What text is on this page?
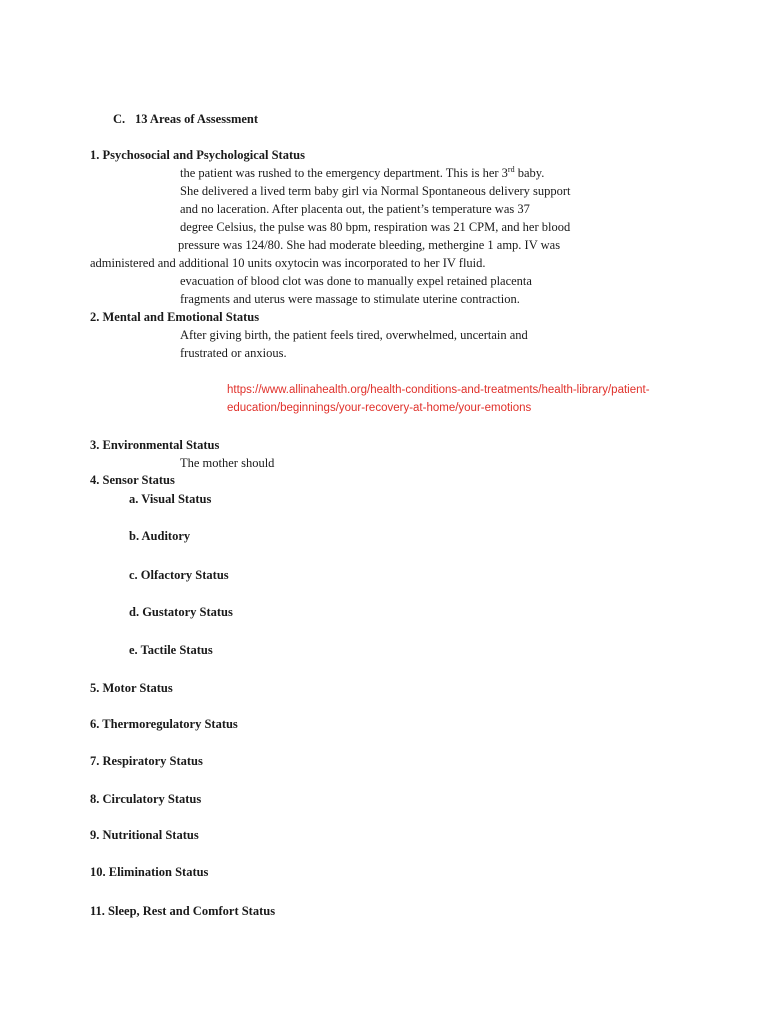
C. 13 Areas of Assessment
1. Psychosocial and Psychological Status
the patient was rushed to the emergency department. This is her 3rd baby.
She delivered a lived term baby girl via Normal Spontaneous delivery support
and no laceration. After placenta out, the patient’s temperature was 37
degree Celsius, the pulse was 80 bpm, respiration was 21 CPM, and her blood
pressure was 124/80. She had moderate bleeding, methergine 1 amp. IV was
administered and additional 10 units oxytocin was incorporated to her IV fluid.
evacuation of blood clot was done to manually expel retained placenta
fragments and uterus were massage to stimulate uterine contraction.
2. Mental and Emotional Status
After giving birth, the patient feels tired, overwhelmed, uncertain and
frustrated or anxious.
https://www.allinahealth.org/health-conditions-and-treatments/health-library/patient-
education/beginnings/your-recovery-at-home/your-emotions
3. Environmental Status
The mother should
4. Sensor Status
a. Visual Status
b. Auditory
c. Olfactory Status
d. Gustatory Status
e. Tactile Status
5. Motor Status
6. Thermoregulatory Status
7. Respiratory Status
8. Circulatory Status
9. Nutritional Status
10. Elimination Status
11. Sleep, Rest and Comfort Status
